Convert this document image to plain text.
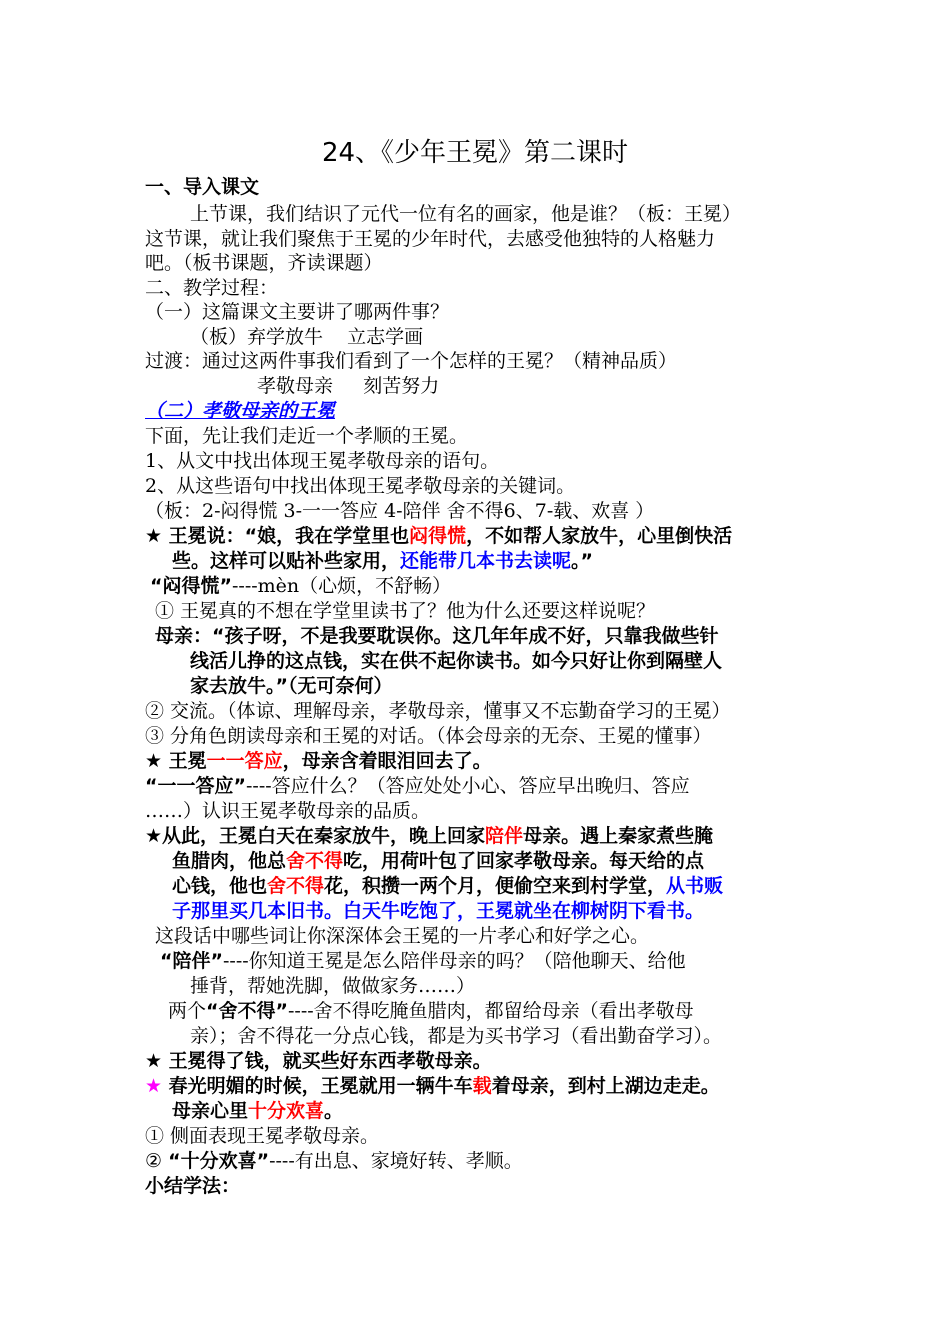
24、《少年王冕》第二课时
一、导入课文
上节课，我们结识了元代一位有名的画家，他是谁？（板：王冕）
这节课，就让我们聚焦于王冕的少年时代，去感受他独特的人格魅力
吧。（板书课题，齐读课题）
二、教学过程：
（一）这篇课文主要讲了哪两件事？
（板）弃学放牛    立志学画
过渡：通过这两件事我们看到了一个怎样的王冕？（精神品质）
孝敬母亲     刻苦努力
（二）孝敬母亲的王冕
下面，先让我们走近一个孝顺的王冕。
1、从文中找出体现王冕孝敬母亲的语句。
2、从这些语句中找出体现王冕孝敬母亲的关键词。
（板：2-闷得慌 3-一一答应 4-陪伴 舍不得6、7-载、欢喜 ）
★ 王冕说：“娘，我在学堂里也闷得慌，不如帮人家放牛，心里倒快活
些。这样可以贴补些家用，还能带几本书去读呢。”
“闷得慌”----mèn（心烦，不舒畅）
① 王冕真的不想在学堂里读书了？他为什么还要这样说呢？
母亲：“孩子呀，不是我要耽误你。这几年年成不好，只靠我做些针
线活儿挣的这点钱，实在供不起你读书。如今只好让你到隔壁人
家去放牛。”（无可奈何）
② 交流。（体谅、理解母亲，孝敬母亲，懂事又不忘勤奋学习的王冕）
③ 分角色朗读母亲和王冕的对话。（体会母亲的无奈、王冕的懂事）
★ 王冕一一答应，母亲含着眼泪回去了。
“一一答应”----答应什么？（答应处处小心、答应早出晚归、答应
……）认识王冕孝敬母亲的品质。
★从此，王冕白天在秦家放牛，晚上回家陪伴母亲。遇上秦家煮些腌
鱼腊肉，他总舍不得吃，用荷叶包了回家孝敬母亲。每天给的点
心钱，他也舍不得花，积攒一两个月，便偷空来到村学堂，从书贩
子那里买几本旧书。白天牛吃饱了，王冕就坐在柳树阴下看书。
这段话中哪些词让你深深体会王冕的一片孝心和好学之心。
“陪伴”----你知道王冕是怎么陪伴母亲的吗？（陪他聊天、给他
捶背，帮她洗脚，做做家务……）
两个“舍不得”----舍不得吃腌鱼腊肉，都留给母亲（看出孝敬母
亲）；舍不得花一分点心钱，都是为买书学习（看出勤奋学习）。
★ 王冕得了钱，就买些好东西孝敬母亲。
★ 春光明媚的时候，王冕就用一辆牛车载着母亲，到村上湖边走走。
母亲心里十分欢喜。
① 侧面表现王冕孝敬母亲。
② “十分欢喜”----有出息、家境好转、孝顺。
小结学法：
